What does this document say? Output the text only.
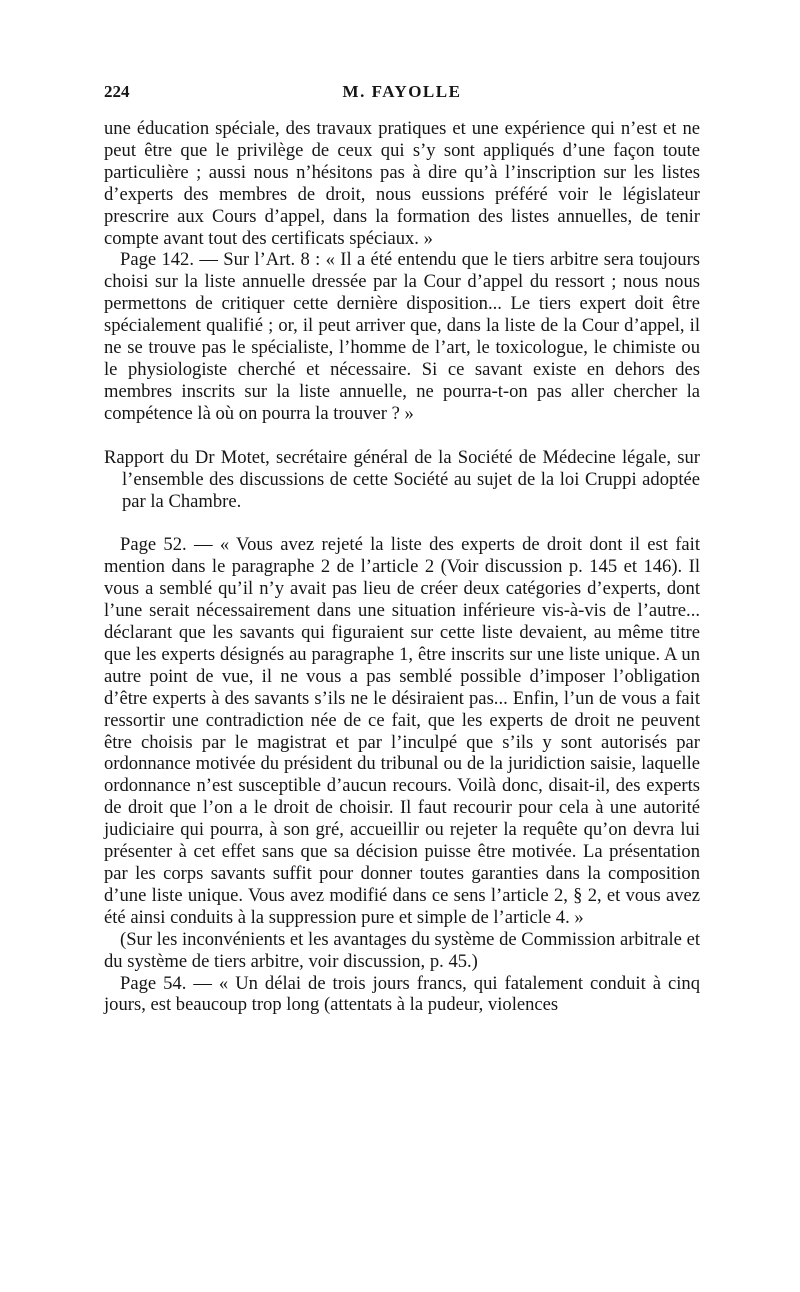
224	M. FAYOLLE

une éducation spéciale, des travaux pratiques et une expérience qui n’est et ne peut être que le privilège de ceux qui s’y sont appliqués d’une façon toute particulière ; aussi nous n’hésitons pas à dire qu’à l’inscription sur les listes d’experts des membres de droit, nous eussions préféré voir le législateur prescrire aux Cours d’appel, dans la formation des listes annuelles, de tenir compte avant tout des certificats spéciaux. »

Page 142. — Sur l’Art. 8 : « Il a été entendu que le tiers arbitre sera toujours choisi sur la liste annuelle dressée par la Cour d’appel du ressort ; nous nous permettons de critiquer cette dernière disposition... Le tiers expert doit être spécialement qualifié ; or, il peut arriver que, dans la liste de la Cour d’appel, il ne se trouve pas le spécialiste, l’homme de l’art, le toxicologue, le chimiste ou le physiologiste cherché et nécessaire. Si ce savant existe en dehors des membres inscrits sur la liste annuelle, ne pourra-t-on pas aller chercher la compétence là où on pourra la trouver ? »

Rapport du Dr Motet, secrétaire général de la Société de Médecine légale, sur l’ensemble des discussions de cette Société au sujet de la loi Cruppi adoptée par la Chambre.

Page 52. — « Vous avez rejeté la liste des experts de droit dont il est fait mention dans le paragraphe 2 de l’article 2 (Voir discussion p. 145 et 146). Il vous a semblé qu’il n’y avait pas lieu de créer deux catégories d’experts, dont l’une serait nécessairement dans une situation inférieure vis-à-vis de l’autre... déclarant que les savants qui figuraient sur cette liste devaient, au même titre que les experts désignés au paragraphe 1, être inscrits sur une liste unique. A un autre point de vue, il ne vous a pas semblé possible d’imposer l’obligation d’être experts à des savants s’ils ne le désiraient pas... Enfin, l’un de vous a fait ressortir une contradiction née de ce fait, que les experts de droit ne peuvent être choisis par le magistrat et par l’inculpé que s’ils y sont autorisés par ordonnance motivée du président du tribunal ou de la juridiction saisie, laquelle ordonnance n’est susceptible d’aucun recours. Voilà donc, disait-il, des experts de droit que l’on a le droit de choisir. Il faut recourir pour cela à une autorité judiciaire qui pourra, à son gré, accueillir ou rejeter la requête qu’on devra lui présenter à cet effet sans que sa décision puisse être motivée. La présentation par les corps savants suffit pour donner toutes garanties dans la composition d’une liste unique. Vous avez modifié dans ce sens l’article 2, § 2, et vous avez été ainsi conduits à la suppression pure et simple de l’article 4. »

(Sur les inconvénients et les avantages du système de Commission arbitrale et du système de tiers arbitre, voir discussion, p. 45.)

Page 54. — « Un délai de trois jours francs, qui fatalement conduit à cinq jours, est beaucoup trop long (attentats à la pudeur, violences
